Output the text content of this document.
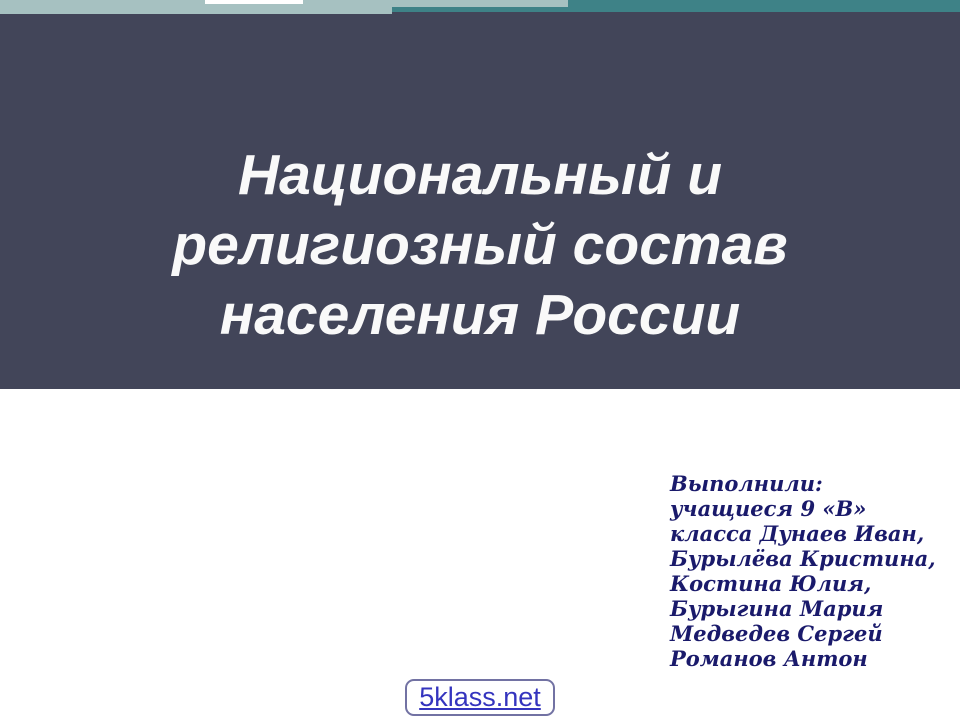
Национальный и
религиозный состав
населения России
Выполнили:
учащиеся 9 «В»
класса Дунаев Иван,
Бурылёва Кристина,
Костина Юлия,
Бурыгина Мария
Медведев Сергей
Романов Антон
5klass.net
